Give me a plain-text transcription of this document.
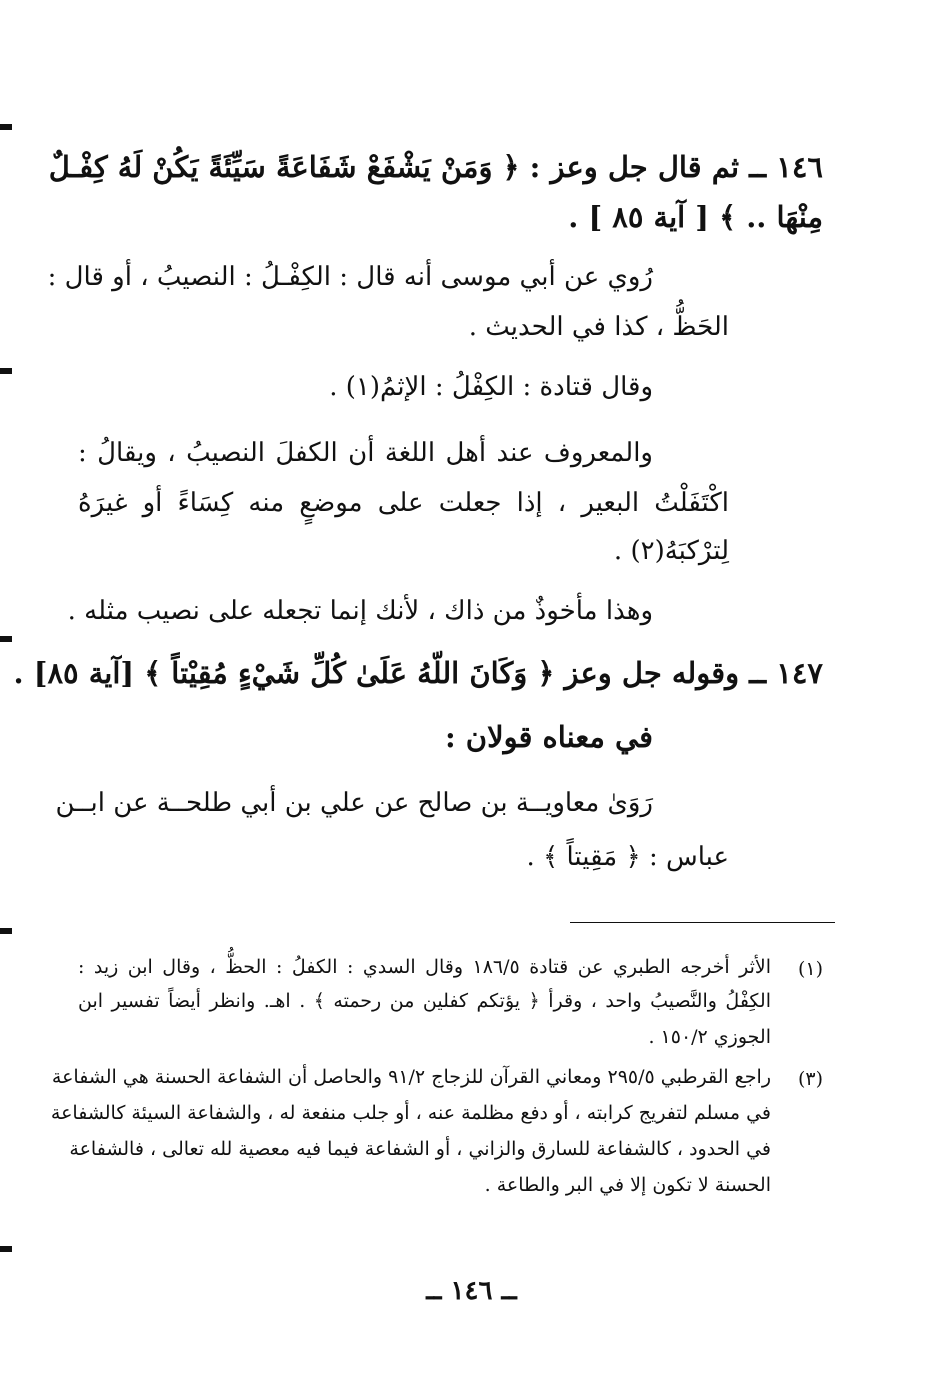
١٤٦ ــ ثم قال جل وعز : ﴿ وَمَنْ يَشْفَعْ شَفَاعَةً سَيِّئَةً يَكُنْ لَهُ كِفْـلٌ
مِنْهَا .. ﴾ [ آية ٨٥ ] .
رُوي عن أبي موسى أنه قال : الكِفْـلُ : النصيبُ ، أو قال :
الحَظُّ ، كذا في الحديث .
وقال قتادة : الكِفْلُ : الإثمُ(١) .
والمعروف عند أهل اللغة أن الكفلَ النصيبُ ، ويقالُ :
اكْتَفَلْتُ البعير ، إذا جعلت على موضعٍ منه كِسَاءً أو غيرَهُ
لِترْكبَهُ(٢) .
وهذا مأخوذٌ من ذاك ، لأنك إنما تجعله على نصيب مثله .
١٤٧ ــ وقوله جل وعز ﴿ وَكَانَ اللّهُ عَلَىٰ كُلِّ شَيْءٍ مُقِيْتاً ﴾ [آية ٨٥] .
في معناه قولان :
رَوَىٰ معاويــة بن صالح عن علي بن أبي طلحــة عن ابــن
عباس : ﴿ مَقِيتاً ﴾ .
(١)
الأثر أخرجه الطبري عن قتادة ١٨٦/٥ وقال السدي : الكفلُ : الحظُّ ، وقال ابن زيد :
الكِفْلُ والنَّصيبُ واحد ، وقرأ ﴿ يؤتكم كفلين من رحمته ﴾ . اهـ. وانظر أيضاً تفسير ابن
الجوزي ١٥٠/٢ .
(٣)
راجع القرطبي ٢٩٥/٥ ومعاني القرآن للزجاج ٩١/٢ والحاصل أن الشفاعة الحسنة هي الشفاعة
في مسلم لتفريج كرابته ، أو دفع مظلمة عنه ، أو جلب منفعة له ، والشفاعة السيئة كالشفاعة
في الحدود ، كالشفاعة للسارق والزاني ، أو الشفاعة فيما فيه معصية لله تعالى ، فالشفاعة
الحسنة لا تكون إلا في البر والطاعة .
ــ ١٤٦ ــ
